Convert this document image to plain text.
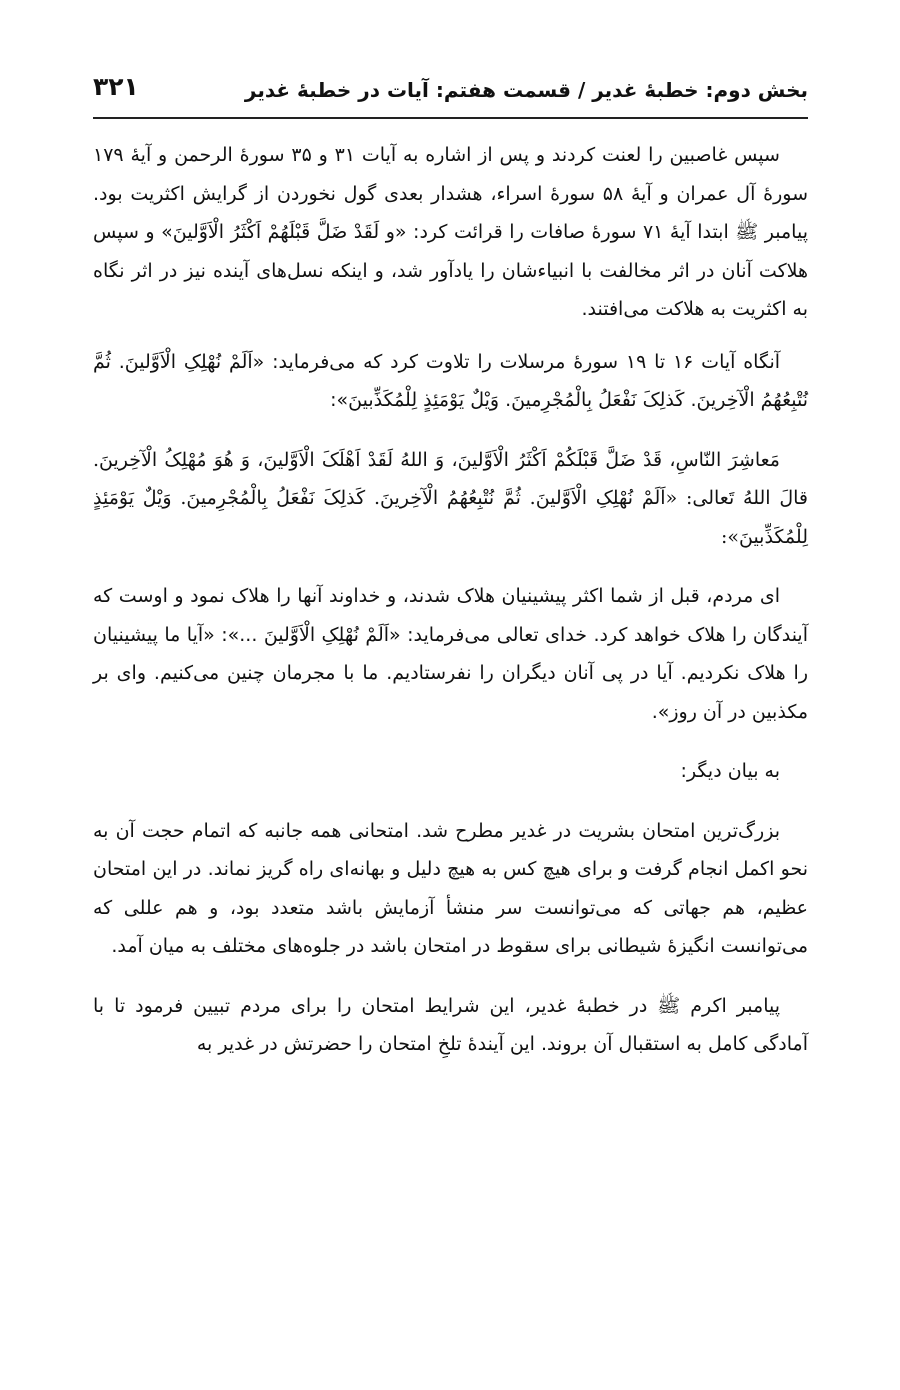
بخش دوم: خطبهٔ غدیر / قسمت هفتم: آیات در خطبهٔ غدیر
۳۲۱

سپس غاصبین را لعنت کردند و پس از اشاره به آیات ۳۱ و ۳۵ سورهٔ الرحمن و آیهٔ ۱۷۹ سورهٔ آل عمران و آیهٔ ۵۸ سورهٔ اسراء، هشدار بعدی گول نخوردن از گرایش اکثریت بود. پیامبر ﷺ ابتدا آیهٔ ۷۱ سورهٔ صافات را قرائت کرد: «و لَقَدْ ضَلَّ قَبْلَهُمْ اَکْثَرُ الْاَوَّلینَ» و سپس هلاکت آنان در اثر مخالفت با انبیاءشان را یادآور شد، و اینکه نسل‌های آینده نیز در اثر نگاه به اکثریت به هلاکت می‌افتند.

آنگاه آیات ۱۶ تا ۱۹ سورهٔ مرسلات را تلاوت کرد که می‌فرماید: «اَلَمْ نُهْلِکِ الْاَوَّلینَ. ثُمَّ نُتْبِعُهُمُ الْآخِرینَ. کَذلِکَ نَفْعَلُ بِالْمُجْرِمینَ. وَیْلٌ یَوْمَئِذٍ لِلْمُکَذِّبینَ»:

مَعاشِرَ النّاسِ، قَدْ ضَلَّ قَبْلَکُمْ اَکْثَرُ الْاَوَّلینَ، وَ اللهُ لَقَدْ اَهْلَکَ الْاَوَّلینَ، وَ هُوَ مُهْلِکُ الْآخِرینَ. قالَ اللهُ تَعالی: «اَلَمْ نُهْلِکِ الْاَوَّلینَ. ثُمَّ نُتْبِعُهُمُ الْآخِرینَ. کَذلِکَ نَفْعَلُ بِالْمُجْرِمینَ. وَیْلٌ یَوْمَئِذٍ لِلْمُکَذِّبینَ»:

ای مردم، قبل از شما اکثر پیشینیان هلاک شدند، و خداوند آنها را هلاک نمود و اوست که آیندگان را هلاک خواهد کرد. خدای تعالی می‌فرماید: «اَلَمْ نُهْلِکِ الْاَوَّلینَ ...»: «آیا ما پیشینیان را هلاک نکردیم. آیا در پی آنان دیگران را نفرستادیم. ما با مجرمان چنین می‌کنیم. وای بر مکذبین در آن روز».

به بیان دیگر:

بزرگ‌ترین امتحان بشریت در غدیر مطرح شد. امتحانی همه جانبه که اتمام حجت آن به نحو اکمل انجام گرفت و برای هیچ کس به هیچ دلیل و بهانه‌ای راه گریز نماند. در این امتحان عظیم، هم جهاتی که می‌توانست سر منشأ آزمایش باشد متعدد بود، و هم عللی که می‌توانست انگیزهٔ شیطانی برای سقوط در امتحان باشد در جلوه‌های مختلف به میان آمد.

پیامبر اکرم ﷺ در خطبهٔ غدیر، این شرایط امتحان را برای مردم تبیین فرمود تا با آمادگی کامل به استقبال آن بروند. این آیندهٔ تلخِ امتحان را حضرتش در غدیر به
